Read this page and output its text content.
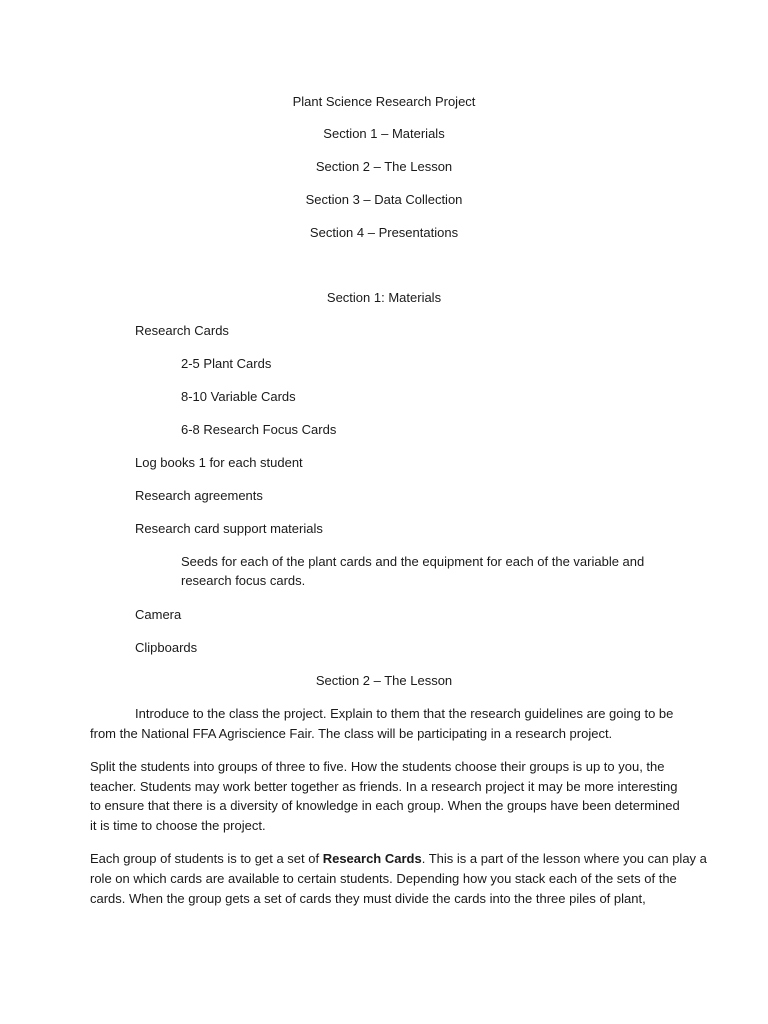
Plant Science Research Project
Section 1 – Materials
Section 2 – The Lesson
Section 3 – Data Collection
Section 4 – Presentations
Section 1: Materials
Research Cards
2-5 Plant Cards
8-10 Variable Cards
6-8 Research Focus Cards
Log books 1 for each student
Research agreements
Research card support materials
Seeds for each of the plant cards and the equipment for each of the variable and
research focus cards.
Camera
Clipboards
Section 2 – The Lesson
Introduce to the class the project. Explain to them that the research guidelines are going to be
from the National FFA Agriscience Fair. The class will be participating in a research project.
Split the students into groups of three to five. How the students choose their groups is up to you, the
teacher. Students may work better together as friends. In a research project it may be more interesting
to ensure that there is a diversity of knowledge in each group. When the groups have been determined
it is time to choose the project.
Each group of students is to get a set of Research Cards. This is a part of the lesson where you can play a
role on which cards are available to certain students. Depending how you stack each of the sets of the
cards. When the group gets a set of cards they must divide the cards into the three piles of plant,
